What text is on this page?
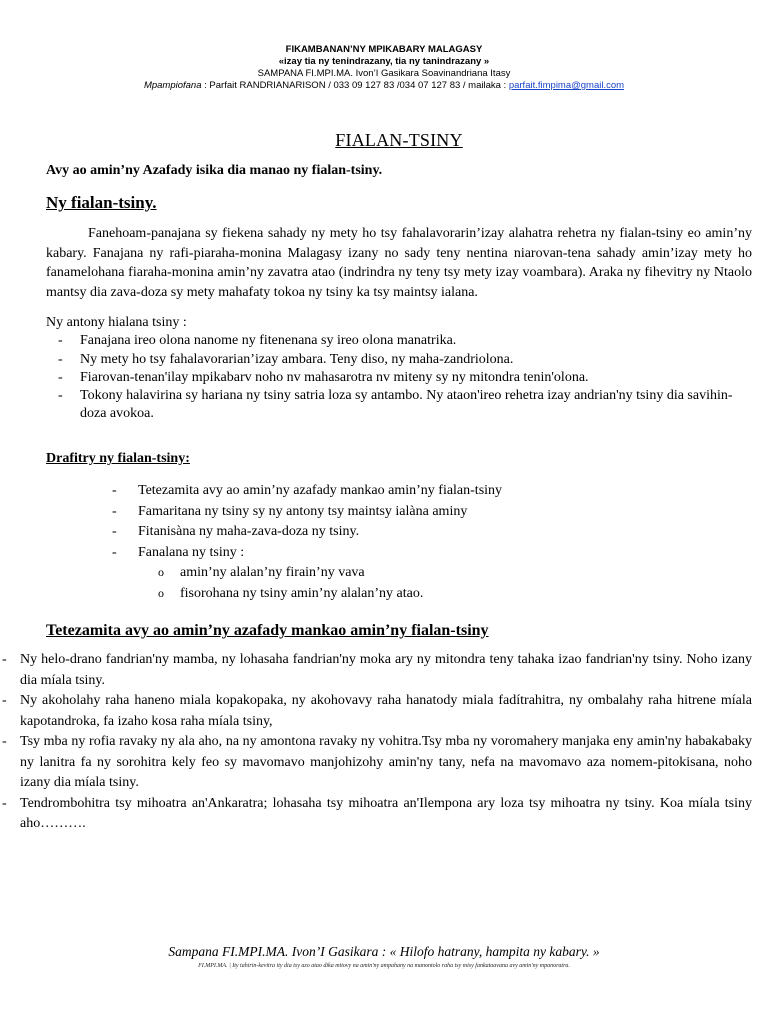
FIKAMBANAN’NY MPIKABARY MALAGASY
«izay tia ny tenindrazany, tia ny tanindrazany »
SAMPANA FI.MPI.MA. Ivon’I Gasikara Soavinandriana Itasy
Mpampiofana : Parfait RANDRIANARISON / 033 09 127 83 /034 07 127 83 / mailaka : parfait.fimpima@gmail.com
FIALAN-TSINY

Avy ao amin’ny Azafady isika dia manao ny fialan-tsiny.

Ny fialan-tsiny.

Fanehoam-panajana sy fiekena sahady ny mety ho tsy fahalavorarin’izay alahatra rehetra ny fialan-tsiny eo amin’ny kabary. Fanajana ny rafi-piaraha-monina Malagasy izany no sady teny nentina niarovan-tena sahady amin’izay mety ho fanamelohana fiaraha-monina amin’ny zavatra atao (indrindra ny teny tsy mety izay voambara). Araka ny fihevitry ny Ntaolo mantsy dia zava-doza sy mety mahafaty tokoa ny tsiny ka tsy maintsy ialana.

Ny antony hialana tsiny :

- Fanajana ireo olona nanome ny fitenenana sy ireo olona manatrika.
- Ny mety ho tsy fahalavorarian’izay ambara. Teny diso, ny maha-zandriolona.
- Fiarovan-tenan'ilay mpikabarv noho nv mahasarotra nv miteny sy ny mitondra tenin'olona.
- Tokony halavirina sy hariana ny tsiny satria loza sy antambo. Ny ataon'ireo rehetra izay andrian'ny tsiny dia savihin-doza avokoa.
Drafitry ny fialan-tsiny:
- Tetezamita avy ao amin’ny azafady mankao amin’ny fialan-tsiny
- Famaritana ny tsiny sy ny antony tsy maintsy ialàna aminy
- Fitanisàna ny maha-zava-doza ny tsiny.
- Fanalana ny tsiny :
o amin’ny alalan’ny firain’ny vava
o fisorohana ny tsiny amin’ny alalan’ny atao.
Tetezamita avy ao amin’ny azafady mankao amin’ny fialan-tsiny
- Ny helo-drano fandrian'ny mamba, ny lohasaha fandrian'ny moka ary ny mitondra teny tahaka izao fandrian'ny tsiny. Noho izany dia míala tsiny.
- Ny akoholahy raha haneno miala kopakopaka, ny akohovavy raha hanatody miala fadítrahitra, ny ombalahy raha hitrene míala kapotandroka, fa izaho kosa raha míala tsiny,
- Tsy mba ny rofia ravaky ny ala aho, na ny amontona ravaky ny vohitra.Tsy mba ny voromahery manjaka eny amin'ny habakabaky ny lanitra fa ny sorohitra kely feo sy mavomavo manjohizohy amin'ny tany, nefa na mavomavo aza nomem-pitokisana, noho izany dia míala tsiny.
- Tendrombohitra tsy mihoatra an'Ankaratra; lohasaha tsy mihoatra an'Ilempona ary loza tsy mihoatra ny tsiny. Koa míala tsiny aho……….
Sampana FI.MPI.MA. Ivon’I Gasikara : « Hilofo hatrany, hampita ny kabary. »
FI.MPI.MA. | Ity tahirin-kevitra ity dia tsy azo atao dika mitovy na amin'ny ampahany na manontolo raha tsy misy fankatoavana avy amin'ny mpanoratra.
